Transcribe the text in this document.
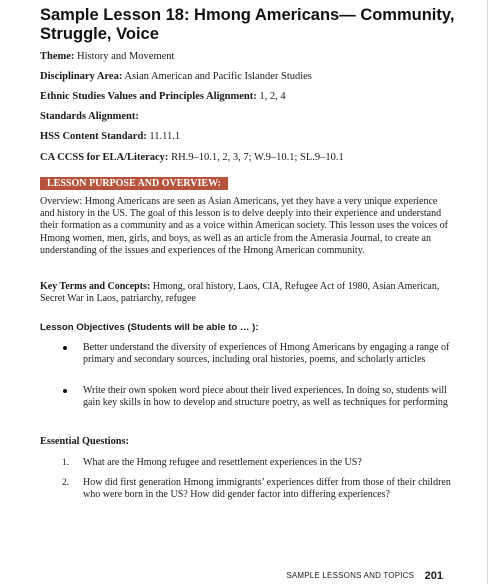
Sample Lesson 18: Hmong Americans— Community, Struggle, Voice
Theme: History and Movement
Disciplinary Area: Asian American and Pacific Islander Studies
Ethnic Studies Values and Principles Alignment: 1, 2, 4
Standards Alignment:
HSS Content Standard: 11.11.1
CA CCSS for ELA/Literacy: RH.9–10.1, 2, 3, 7; W.9–10.1; SL.9–10.1
LESSON PURPOSE AND OVERVIEW:
Overview: Hmong Americans are seen as Asian Americans, yet they have a very unique experience and history in the US. The goal of this lesson is to delve deeply into their experience and understand their formation as a community and as a voice within American society. This lesson uses the voices of Hmong women, men, girls, and boys, as well as an article from the Amerasia Journal, to create an understanding of the issues and experiences of the Hmong American community.
Key Terms and Concepts: Hmong, oral history, Laos, CIA, Refugee Act of 1980, Asian American, Secret War in Laos, patriarchy, refugee
Lesson Objectives (Students will be able to … ):
Better understand the diversity of experiences of Hmong Americans by engaging a range of primary and secondary sources, including oral histories, poems, and scholarly articles
Write their own spoken word piece about their lived experiences. In doing so, students will gain key skills in how to develop and structure poetry, as well as techniques for performing
Essential Questions:
1.	What are the Hmong refugee and resettlement experiences in the US?
2.	How did first generation Hmong immigrants’ experiences differ from those of their children who were born in the US? How did gender factor into differing experiences?
SAMPLE LESSONS AND TOPICS 201
